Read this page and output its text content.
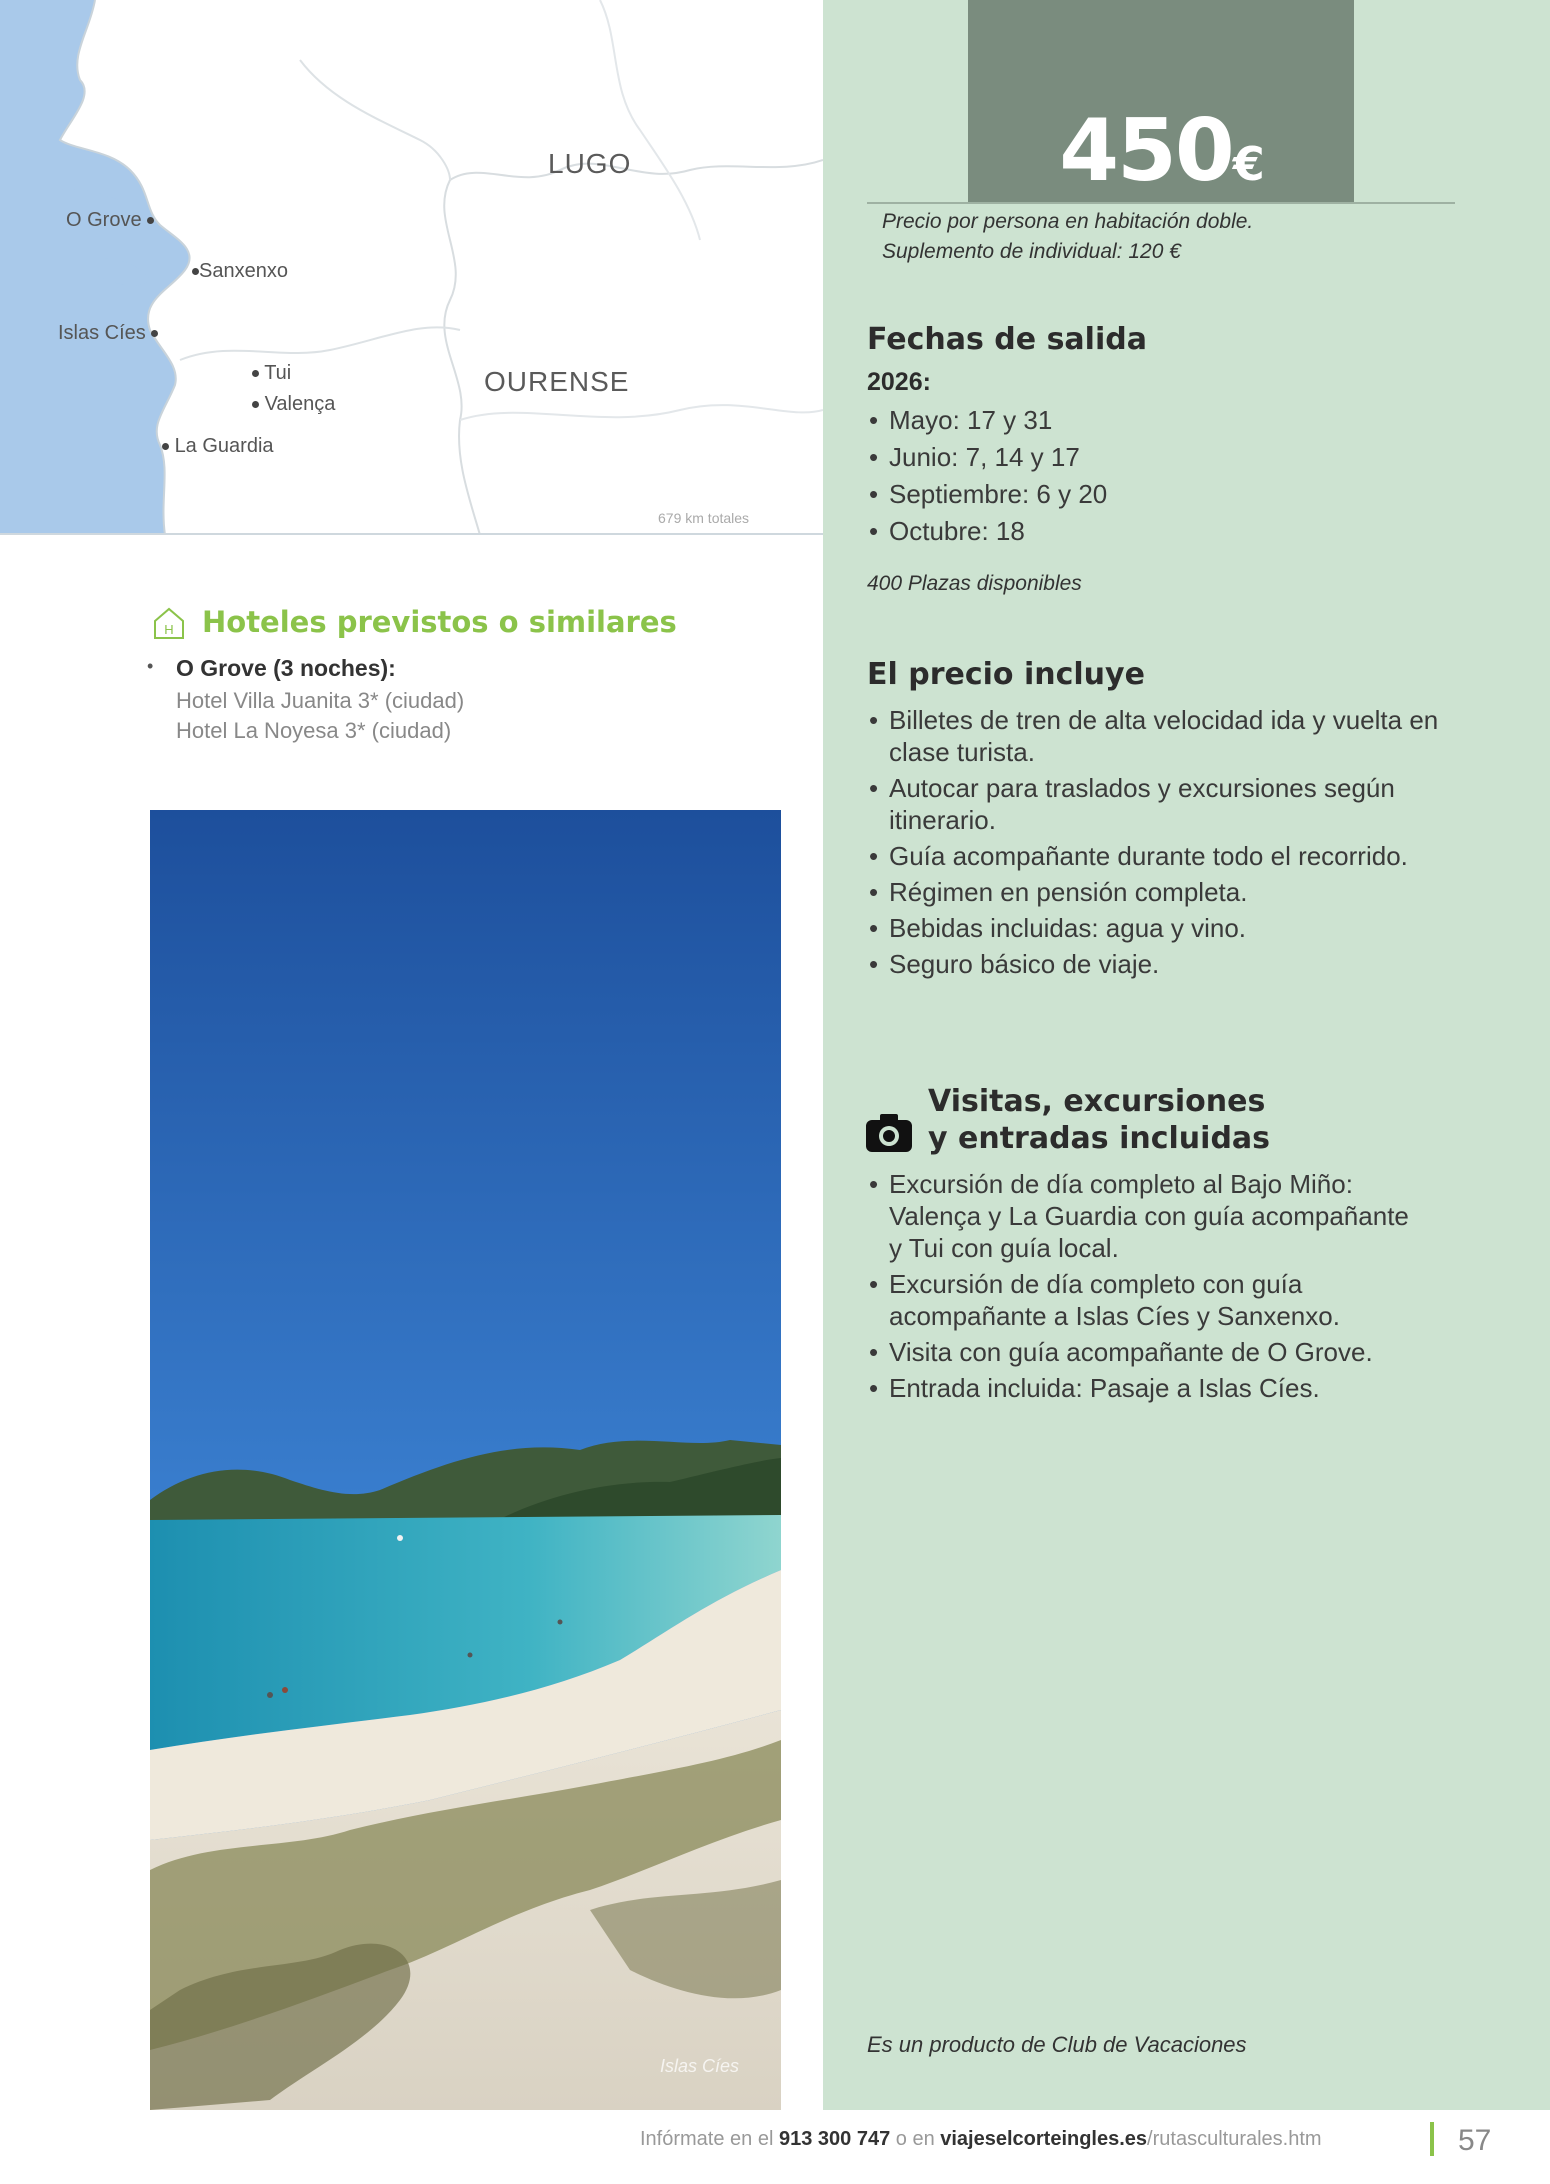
LUGO
OURENSE
O Grove
Sanxenxo
Islas Cíes
Tui
Valença
La Guardia
679 km totales
450€
Precio por persona en habitación doble.
Suplemento de individual: 120 €
Fechas de salida
2026:
• Mayo: 17 y 31
• Junio: 7, 14 y 17
• Septiembre: 6 y 20
• Octubre: 18
400 Plazas disponibles
El precio incluye
• Billetes de tren de alta velocidad ida y vuelta en clase turista.
• Autocar para traslados y excursiones según itinerario.
• Guía acompañante durante todo el recorrido.
• Régimen en pensión completa.
• Bebidas incluidas: agua y vino.
• Seguro básico de viaje.
Visitas, excursiones
y entradas incluidas
• Excursión de día completo al Bajo Miño: Valença y La Guardia con guía acompañante y Tui con guía local.
• Excursión de día completo con guía acompañante a Islas Cíes y Sanxenxo.
• Visita con guía acompañante de O Grove.
• Entrada incluida: Pasaje a Islas Cíes.
Es un producto de Club de Vacaciones
H Hoteles previstos o similares
• O Grove (3 noches):
Hotel Villa Juanita 3* (ciudad)
Hotel La Noyesa 3* (ciudad)
Islas Cíes
Infórmate en el 913 300 747 o en viajeselcorteingles.es/rutasculturales.htm	57
